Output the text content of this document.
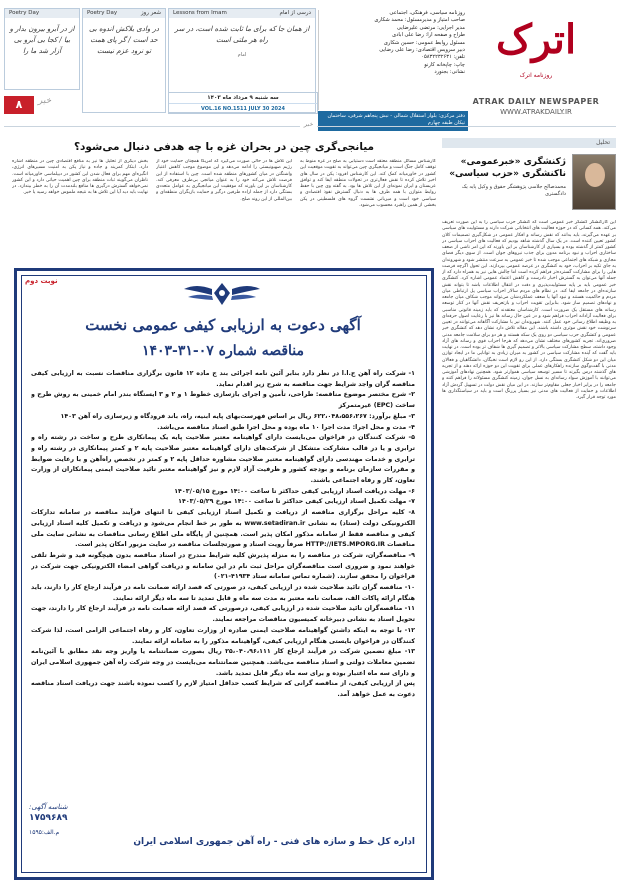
اترک
روزنامه اترک
ATRAK DAILY NEWSPAPER
WWW.ATRAKDAILY.IR
روزنامه سیاسی، فرهنگی، اجتماعی
صاحب امتیاز و مدیرمسئول: محمد شکاری
مدیر اجرایی: مرتضی علیرضایی
طراح و صفحه آرا: رضا علی آبادی
مسئول روابط عمومی: حسین شکاری
دبیر سرویس اقتصادی: رضا علی رضایی
تلفن: ۰۵۸۳۲۲۳۲۶۳۱
چاپ: چاپخانه کارنو
نشانی: بجنورد
دفتر مرکزی: بلوار استقلال شمالی - نبش پنجاهم شرقی، ساختمان تیکان طبقه چهارم
Lessons from Imam	درسی از امام
از همان جا که برای ما ثابت شده است، در سر راه هر ملتی است
امام
Poetry Day	شعر روز
در وادی بلاکش اندوه بی حد است / گر پای همت تو نرود عزم نیست
Poetry Day
از در آبرو بیرون بدار و بیا / کجا بی آبرو بی آزار شد ما را
سه شنبه ۹ مرداد ماه ۱۴۰۳
VOL.16 NO.1511 JULY 30 2024
۸	خبر
خبر
تحلیل
ژکنشگری «خبرعمومی» ناکنشگری «حزب سیاسی»
محمدصالح جلاسی پژوهشگر حقوق و وکیل پایه یک دادگستری
این کارکنشگر کنشگر خبر عمومی است که کنشگر حزب سیاسی را به این صورت تعریف می‌کند. همه کسانی که در حوزه فعالیت های انتخاباتی شرکت دارند و مسئولیت های سیاسی بر عهده می‌گیرند، باید بدانند که نقش رسانه و افکار عمومی در شکل‌گیری تصمیمات کلان کشور تعیین کننده است. در یک سال گذشته شاهد بودیم که فعالیت های احزاب سیاسی در کشور کمتر از گذشته بوده و بسیاری از کارشناسان بر این باورند که این امر ناشی از ضعف ساختاری احزاب و نبود برنامه مدون برای جذب نیروهای جوان است. از سوی دیگر فضای مجازی و شبکه های اجتماعی موجب شده تا خبر عمومی به سرعت منتشر شود و شهروندان به جای تکیه بر احزاب، خود به کنشگری در عرصه عمومی بپردازند. این تحول اگرچه فرصت هایی را برای مشارکت گسترده‌تر فراهم کرده است اما چالش هایی نیز به همراه دارد که از جمله آنها می‌توان به گسترش اخبار نادرست و کاهش اعتماد عمومی اشاره کرد. کنشگری خبر عمومی باید بر پایه مسئولیت‌پذیری و دقت در انتقال اطلاعات باشد تا بتواند نقش سازنده‌ای در جامعه ایفا کند. در نظام های مردم سالار احزاب سیاسی پل ارتباطی میان مردم و حاکمیت هستند و نبود آنها یا ضعف عملکردشان می‌تواند موجب شکاف میان جامعه و نهادهای تصمیم ساز شود. بنابراین تقویت احزاب و بازتعریف نقش آنها در کنار توسعه رسانه های مستقل یک ضرورت است. کارشناسان معتقدند که باید زمینه قانونی مناسبی برای فعالیت آزادانه احزاب فراهم شود و در عین حال رسانه ها نیز با رعایت اصول حرفه‌ای به وظیفه اطلاع رسانی خود عمل کنند. شهروندان نیز با مشارکت آگاهانه می‌توانند در تعیین سرنوشت خود نقش موثری داشته باشند. این مقاله تلاش دارد نشان دهد که کنشگری خبر عمومی و کنشگری حزب سیاسی دو روی یک سکه هستند و هر دو برای سلامت جامعه مدنی ضروری‌اند. تجربه کشورهای مختلف نشان می‌دهد که هرجا احزاب قوی و رسانه های آزاد وجود داشته، سطح مشارکت سیاسی بالاتر و تصمیم گیری ها شفاف تر بوده است. در نهایت باید گفت که آینده مشارکت سیاسی در کشور به میزان زیادی به توانایی ما در ایجاد توازن میان این دو شکل کنشگری بستگی دارد. از این رو لازم است نخبگان، دانشگاهیان و فعالان مدنی با گفت‌وگوی سازنده راهکارهای عملی برای تقویت این دو حوزه ارائه دهند و از تجربه های گذشته درس بگیرند تا مسیر توسعه سیاسی هموارتر شود. همچنین نهادهای آموزشی می‌توانند با آموزش سواد رسانه‌ای به نسل جوان، زمینه کنشگری مسئولانه را فراهم کنند و جامعه را در برابر اخبار جعلی مقاوم‌تر سازند. در این میان نقش دولت در تسهیل گردش آزاد اطلاعات و حمایت از فعالیت های مدنی نیز بسیار پررنگ است و باید در سیاستگذاری ها مورد توجه قرار گیرد.
میانجی‌گری چین در بحران غزه با چه هدفی دنبال می‌شود؟
کارشناس مسائل منطقه معتقد است دستیابی به صلح در غزه منوط به توقف کامل جنگ است و میانجیگری چین می‌تواند به تقویت موقعیت این کشور در خاورمیانه کمک کند. این کارشناس افزود: پکن در سال های اخیر تلاش کرده تا نقش فعال‌تری در تحولات منطقه ایفا کند و توافق عربستان و ایران نمونه‌ای از این تلاش ها بود. به گفته وی چین با حفظ روابط متوازن با همه طرف ها به دنبال گسترش نفوذ اقتصادی و سیاسی خود است و میزبانی نشست گروه های فلسطینی در پکن بخشی از همین راهبرد محسوب می‌شود.
این تلاش ها در حالی صورت می‌گیرد که آمریکا همچنان حمایت خود از رژیم صهیونیستی را ادامه می‌دهد و این موضوع موجب کاهش اعتبار واشنگتن در میان کشورهای منطقه شده است. چین با استفاده از این فرصت تلاش می‌کند خود را به عنوان میانجی بی‌طرف معرفی کند. کارشناسان بر این باورند که موفقیت این میانجیگری به عوامل متعددی بستگی دارد از جمله اراده طرفین درگیر و حمایت بازیگران منطقه‌ای و بین‌المللی از این روند صلح.
بخش دیگری از تحلیل ها نیز به منافع اقتصادی چین در منطقه اشاره دارد. ابتکار کمربند و جاده و نیاز پکن به امنیت مسیرهای انرژی، انگیزه‌ای مهم برای فعال شدن این کشور در دیپلماسی خاورمیانه است. ناظران می‌گویند ثبات منطقه برای چین اهمیت حیاتی دارد و این کشور نمی‌خواهد گسترش درگیری ها منافع بلندمدت آن را به خطر بیندازد. در نهایت باید دید آیا این تلاش ها به نتیجه ملموس خواهد رسید یا خیر.
نوبت دوم
آگهی دعوت به ارزیابی کیفی عمومی نخست
مناقصه شماره ۰۷-۳۱-۱۴۰۳

۱- شرکت راه آهن ج.ا.ا در نظر دارد بنابر آئین نامه اجرائی بند ج ماده ۱۲ قانون برگزاری مناقصات نسبت به ارزیابی کیفی مناقصه گران واجد شرایط جهت مناقصه به شرح زیر اقدام نماید.

۲- شرح مختصر موضوع مناقصه: طراحی، تأمین و اجرای بازسازی خطوط ۱ و ۲ و ۳ ایستگاه بندر امام خمینی به روش طرح و ساخت (EPC) غیرمتمرکز

۳- مبلغ برآورد: ۶۲۲،۰۴۸،۵۵۶،۲۶۷ ریال بر اساس فهرست‌بهای پایه ابنیه، راه، باند فرودگاه و زیرسازی راه آهن ۱۴۰۳

۴- مدت و محل اجرا: مدت اجرا ۱۰ ماه بوده و محل اجرا طبق اسناد مناقصه می‌باشد.

۵- شرکت کنندگان در فراخوان می‌بایست دارای گواهینامه معتبر صلاحیت پایه یک پیمانکاری طرح و ساخت در رشته راه و ترابری و یا در قالب مشارکت متشکل از شرکت‌های دارای گواهینامه معتبر صلاحیت پایه ۲ و کمتر پیمانکاری در رشته راه و ترابری و خدمات مهندسی دارای گواهینامه معتبر صلاحیت مشاوره حداقل پایه ۲ و کمتر در تخصص راه‌آهن و با رعایت ضوابط و مقررات سازمان برنامه و بودجه کشور و ظرفیت آزاد لازم و نیز گواهینامه معتبر تائید صلاحیت ایمنی پیمانکاران از وزارت تعاون، کار و رفاه اجتماعی باشند.

۶- مهلت دریافت اسناد ارزیابی کیفی حداکثر تا ساعت ۱۴:۰۰ مورخ ۱۴۰۳/۰۵/۱۵

۷- مهلت تکمیل اسناد ارزیابی کیفی حداکثر تا ساعت ۱۴:۰۰ مورخ ۱۴۰۳/۰۵/۲۹

۸- کلیه مراحل برگزاری مناقصه از دریافت و تکمیل اسناد ارزیابی کیفی تا انتهای فرآیند مناقصه در سامانه تدارکات الکترونیکی دولت (ستاد) به نشانی www.setadiran.ir به طور بر خط انجام می‌شود و دریافت و تکمیل کلیه اسناد ارزیابی کیفی و مناقصه فقط از سامانه مذکور امکان پذیر است. همچنین از پایگاه ملی اطلاع رسانی مناقصات به نشانی سایت ملی مناقصات HTTP://IETS.MPORG.IR صرفاً رویت اسناد و صورتجلسات مناقصه در سایت مزبور امکان پذیر است.

۹- مناقصه‌گران، شرکت در مناقصه را به منزله پذیرش کلیه شرایط مندرج در اسناد مناقصه بدون هیچگونه قید و شرط تلقی خواهند نمود و ضروری است مناقصه‌گران مراحل ثبت نام در این سامانه و دریافت گواهی امضاء الکترونیکی جهت شرکت در فراخوان را محقق سازند. (شماره تماس سامانه ستاد ۴۱۹۳۴-۰۲۱)

۱۰- مناقصه گران تائید صلاحیت شده در ارزیابی کیفی، در صورتی که قصد ارائه ضمانت نامه در فرآیند ارجاع کار را دارند، باید هنگام ارائه پاکات الف، ضمانت نامه معتبر به مدت سه ماه و قابل تمدید تا سه ماه دیگر ارائه نمایند.

۱۱- مناقصه‌گران تائید صلاحیت شده در ارزیابی کیفی، درصورتی که قصد ارائه ضمانت نامه در فرآیند ارجاع کار را دارند، جهت تحویل اسناد به نشانی دبیرخانه کمیسیون مناقصات مراجعه نمایند.

۱۲- با توجه به اینکه داشتن گواهینامه صلاحیت ایمنی صادره از وزارت تعاون، کار و رفاه اجتماعی الزامی است، لذا شرکت کنندگان در فراخوان بایستی هنگام ارزیابی کیفی، گواهینامه مذکور را به سامانه ارائه نمایند.

۱۳- مبلغ تضمین شرکت در فرآیند ارجاع کار ۲۵،۰۴۰،۹۶،۱۱۱ ریال بصورت ضمانتنامه یا واریز وجه نقد مطابق با آئین‌نامه تضمین معاملات دولتی و اسناد مناقصه می‌باشد. همچنین ضمانتنامه می‌بایست در وجه شرکت راه آهن جمهوری اسلامی ایران و دارای سه ماه اعتبار بوده و برای سه ماه دیگر قابل تمدید باشد.

پس از ارزیابی کیفی، از مناقصه گرانی که شرایط کسب حداقل امتیاز لازم را کسب نموده باشند جهت دریافت اسناد مناقصه دعوت به عمل خواهد آمد.

شناسه آگهی:
۱۷۵۹۶۸۹
م.الف:۱۵۹۵
اداره کل خط و سازه های فنی - راه آهن جمهوری اسلامی ایران
